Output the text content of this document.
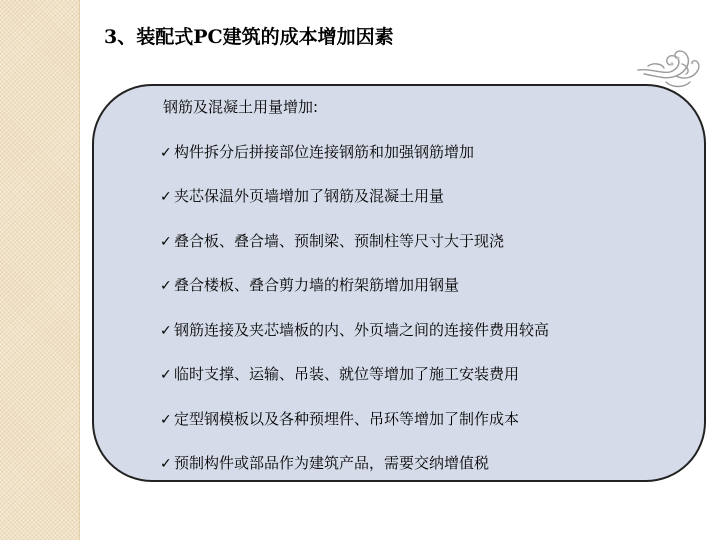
3、装配式PC建筑的成本增加因素
钢筋及混凝土用量增加:
✓ 构件拆分后拼接部位连接钢筋和加强钢筋增加
✓ 夹芯保温外页墙增加了钢筋及混凝土用量
✓ 叠合板、叠合墙、预制梁、预制柱等尺寸大于现浇
✓ 叠合楼板、叠合剪力墙的桁架筋增加用钢量
✓ 钢筋连接及夹芯墙板的内、外页墙之间的连接件费用较高
✓ 临时支撑、运输、吊装、就位等增加了施工安装费用
✓ 定型钢模板以及各种预埋件、吊环等增加了制作成本
✓ 预制构件或部品作为建筑产品，需要交纳增值税
